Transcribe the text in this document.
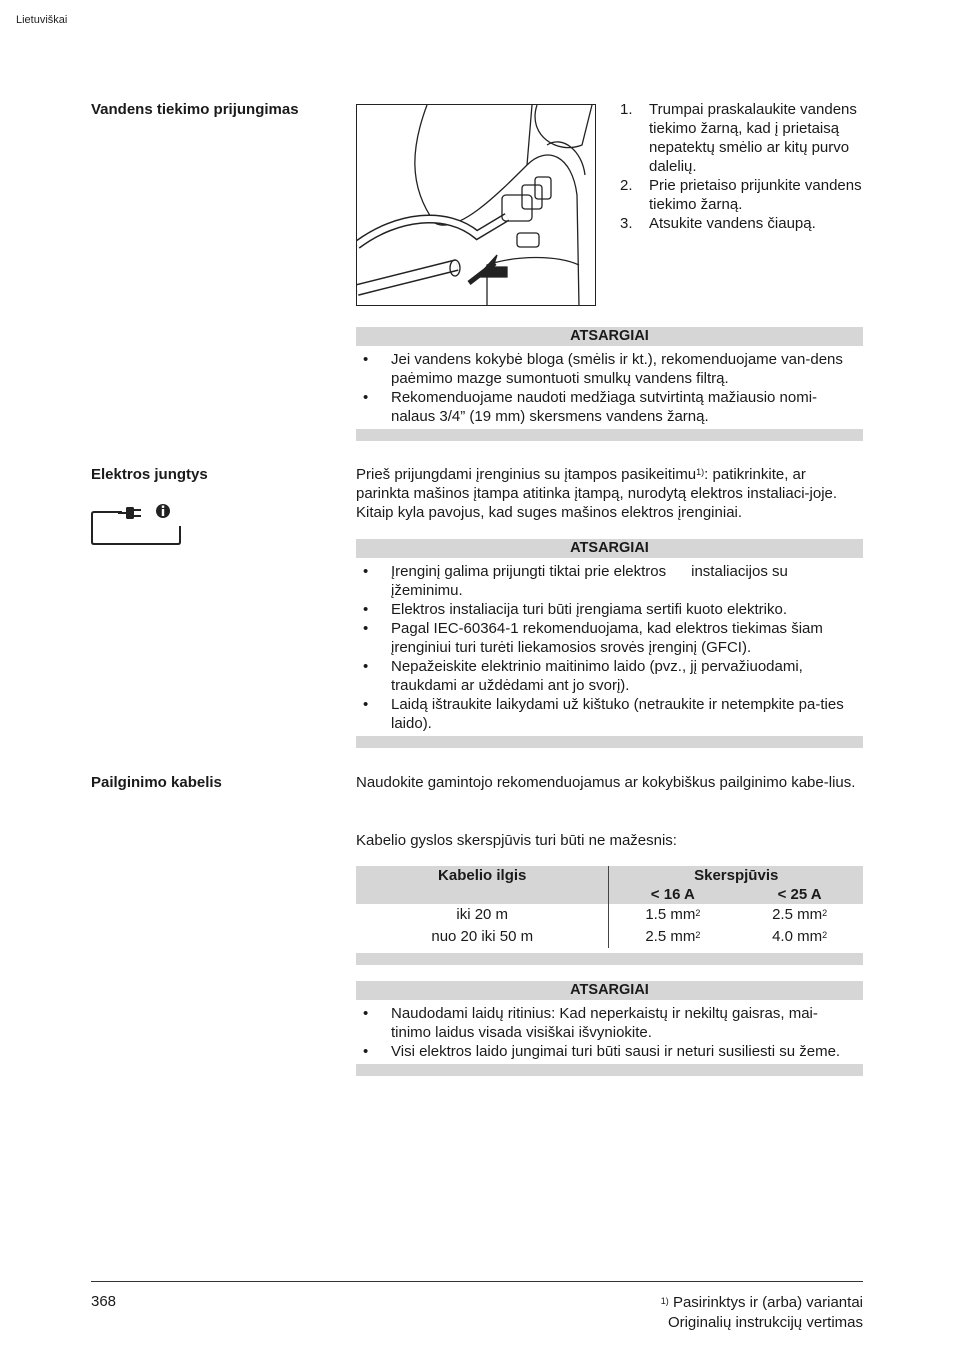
Lietuviškai
Vandens tiekimo prijungimas	1. Trumpai praskalaukite vandens tiekimo žarną, kad į prietaisą nepatektų smėlio ar kitų purvo dalelių.
2. Prie prietaiso prijunkite vandens tiekimo žarną.
3. Atsukite vandens čiaupą.
ATSARGIAI
• Jei vandens kokybė bloga (smėlis ir kt.), rekomenduojame van-dens paėmimo mazge sumontuoti smulkų vandens filtrą.
• Rekomenduojame naudoti medžiaga sutvirtintą mažiausio nomi-nalaus 3/4” (19 mm) skersmens vandens žarną.
Elektros jungtys	Prieš prijungdami įrenginius su įtampos pasikeitimu$^{1)}$: patikrinkite, ar parinkta mašinos įtampa atitinka įtampą, nurodytą elektros instaliaci-joje. Kitaip kyla pavojus, kad suges mašinos elektros įrenginiai.
ATSARGIAI
• Įrenginį galima prijungti tiktai prie elektros      instaliacijos su įžeminimu.
• Elektros instaliacija turi būti įrengiama sertifi kuoto elektriko.
• Pagal IEC-60364-1 rekomenduojama, kad elektros tiekimas šiam įrenginiui turi turėti liekamosios srovės įrenginį (GFCI).
• Nepažeiskite elektrinio maitinimo laido (pvz., jį pervažiuodami, traukdami ar uždėdami ant jo svorį).
• Laidą ištraukite laikydami už kištuko (netraukite ir netempkite pa-ties laido).
Pailginimo kabelis	Naudokite gamintojo rekomenduojamus ar kokybiškus pailginimo kabe-lius.
Kabelio gyslos skerspjūvis turi būti ne mažesnis:
Kabelio ilgis	Skerspjūvis	
	< 16 A	< 25 A
iki 20 m	1.5 $mm^2$	2.5 $mm^2$
nuo 20 iki 50 m	2.5 $mm^2$	4.0 $mm^2$
ATSARGIAI
• Naudodami laidų ritinius: Kad neperkaistų ir nekiltų gaisras, mai-tinimo laidus visada visiškai išvyniokite.
• Visi elektros laido jungimai turi būti sausi ir neturi susiliesti su žeme.
368	$^{1)}$ Pasirinktys ir (arba) variantai
Originalių instrukcijų vertimas
